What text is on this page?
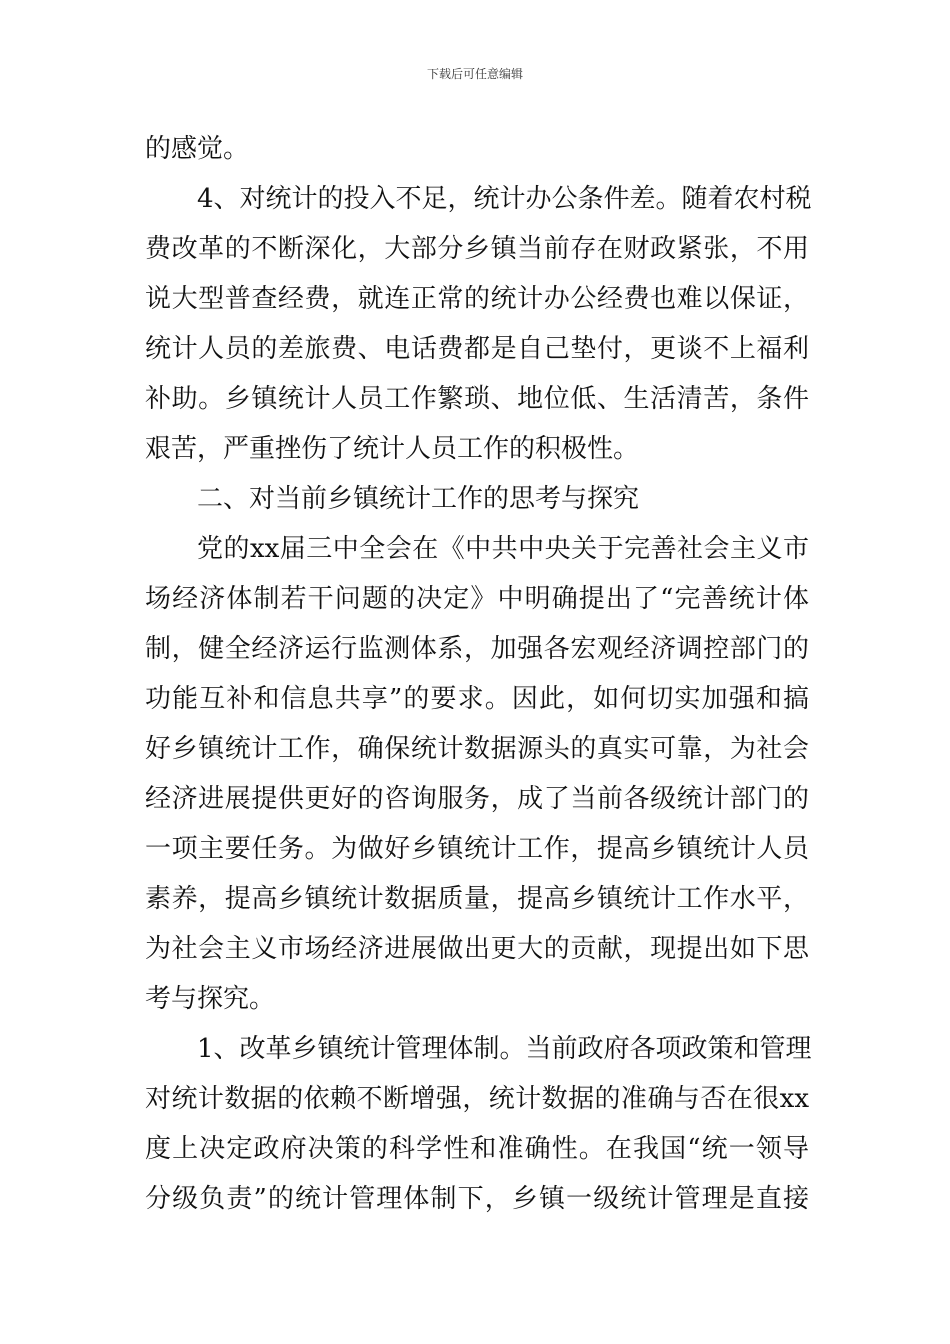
下载后可任意编辑
的感觉。
4、对统计的投入不足，统计办公条件差。随着农村税
费改革的不断深化，大部分乡镇当前存在财政紧张，不用
说大型普查经费，就连正常的统计办公经费也难以保证，
统计人员的差旅费、电话费都是自己垫付，更谈不上福利
补助。乡镇统计人员工作繁琐、地位低、生活清苦，条件
艰苦，严重挫伤了统计人员工作的积极性。
二、对当前乡镇统计工作的思考与探究
党的xx届三中全会在《中共中央关于完善社会主义市
场经济体制若干问题的决定》中明确提出了“完善统计体
制，健全经济运行监测体系，加强各宏观经济调控部门的
功能互补和信息共享”的要求。因此，如何切实加强和搞
好乡镇统计工作，确保统计数据源头的真实可靠，为社会
经济进展提供更好的咨询服务，成了当前各级统计部门的
一项主要任务。为做好乡镇统计工作，提高乡镇统计人员
素养，提高乡镇统计数据质量，提高乡镇统计工作水平，
为社会主义市场经济进展做出更大的贡献，现提出如下思
考与探究。
1、改革乡镇统计管理体制。当前政府各项政策和管理
对统计数据的依赖不断增强，统计数据的准确与否在很xx
度上决定政府决策的科学性和准确性。在我国“统一领导
分级负责”的统计管理体制下，乡镇一级统计管理是直接
